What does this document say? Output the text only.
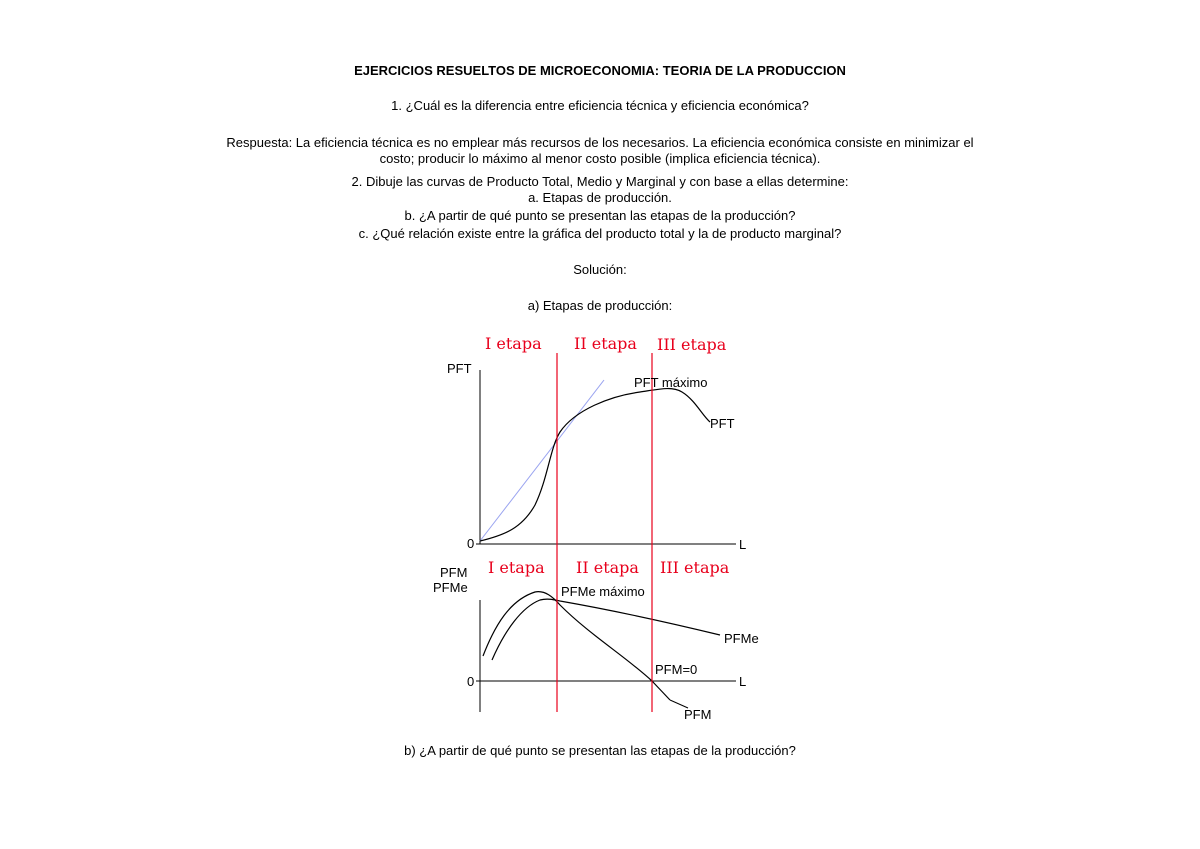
EJERCICIOS RESUELTOS DE MICROECONOMIA: TEORIA DE LA PRODUCCION
1. ¿Cuál es la diferencia entre eficiencia técnica y eficiencia económica?
Respuesta: La eficiencia técnica es no emplear más recursos de los necesarios. La eficiencia económica consiste en minimizar el
costo; producir lo máximo al menor costo posible (implica eficiencia técnica).
2. Dibuje las curvas de Producto Total, Medio y Marginal y con base a ellas determine:
a. Etapas de producción.
b. ¿A partir de qué punto se presentan las etapas de la producción?
c. ¿Qué relación existe entre la gráfica del producto total y la de producto marginal?
Solución:
a) Etapas de producción:
b) ¿A partir de qué punto se presentan las etapas de la producción?
I etapa II etapa III etapa
I etapa II etapa III etapa
PFT
0	L
PFT máximo
PFT
PFM
PFMe
0	L
PFMe máximo
PFMe
PFM=0
PFM
